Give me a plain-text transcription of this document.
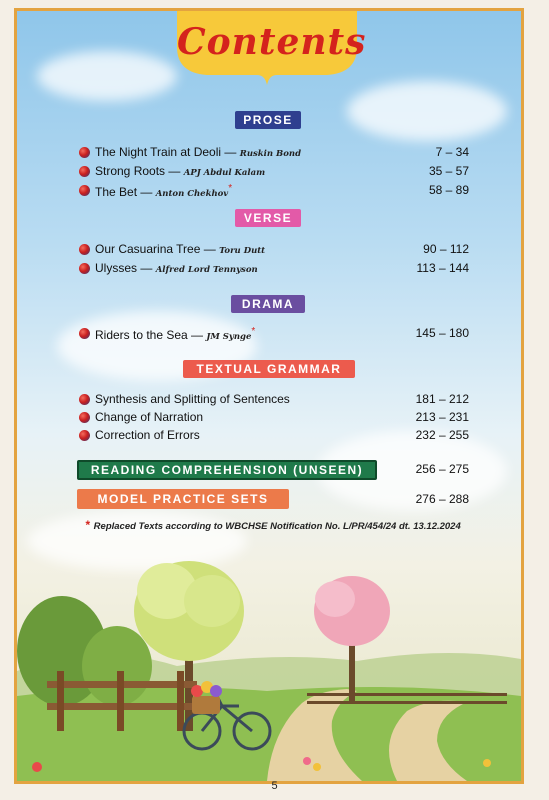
Contents
PROSE
The Night Train at Deoli — Ruskin Bond	7 – 34
Strong Roots — APJ Abdul Kalam	35 – 57
The Bet — Anton Chekhov*	58 – 89
VERSE
Our Casuarina Tree — Toru Dutt	90 – 112
Ulysses — Alfred Lord Tennyson	113 – 144
DRAMA
Riders to the Sea — JM Synge*	145 – 180
TEXTUAL GRAMMAR
Synthesis and Splitting of Sentences	181 – 212
Change of Narration	213 – 231
Correction of Errors	232 – 255
READING COMPREHENSION (UNSEEN)	256 – 275
MODEL PRACTICE SETS	276 – 288
* Replaced Texts according to WBCHSE Notification No. L/PR/454/24 dt. 13.12.2024
5
